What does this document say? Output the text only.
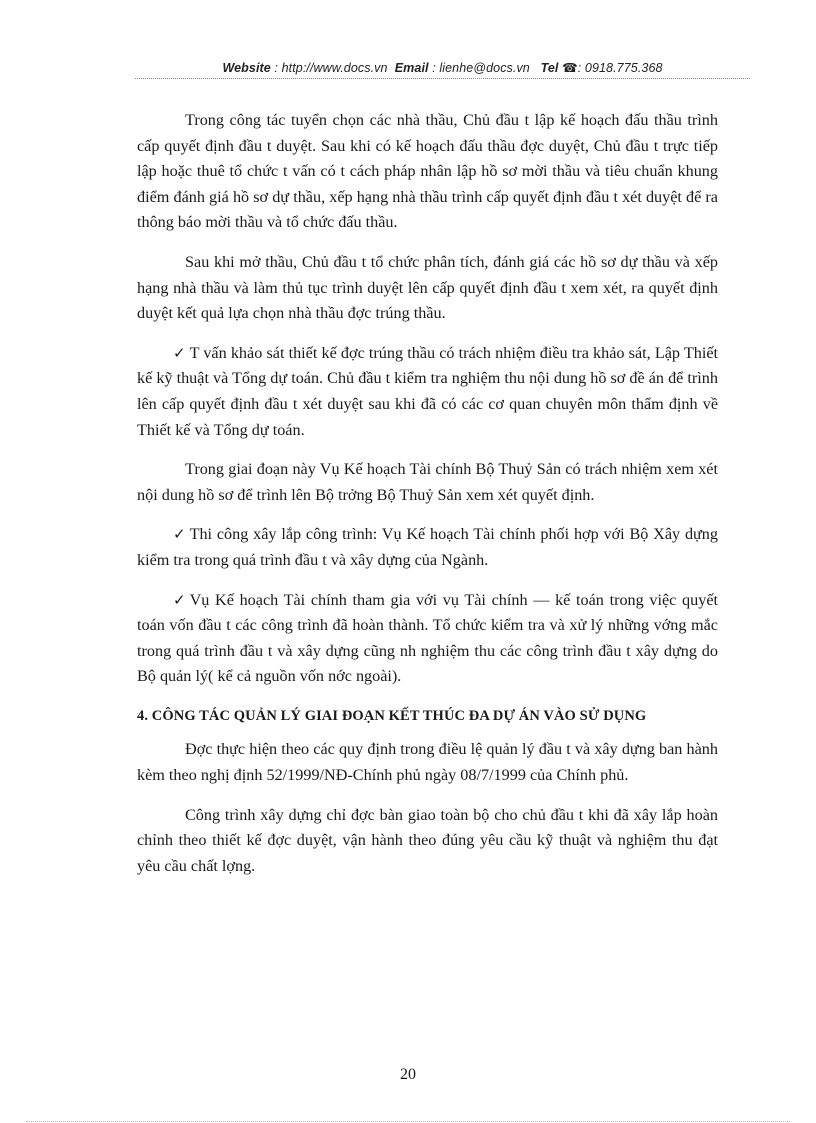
Website : http://www.docs.vn Email : lienhe@docs.vn Tel ☎: 0918.775.368

Trong công tác tuyển chọn các nhà thầu, Chủ đầu t lập kế hoạch đấu thầu trình cấp quyết định đầu t duyệt. Sau khi có kế hoạch đấu thầu đợc duyệt, Chủ đầu t trực tiếp lập hoặc thuê tổ chức t vấn có t cách pháp nhân lập hồ sơ mời thầu và tiêu chuẩn khung điểm đánh giá hồ sơ dự thầu, xếp hạng nhà thầu trình cấp quyết định đầu t xét duyệt để ra thông báo mời thầu và tổ chức đấu thầu.

Sau khi mở thầu, Chủ đầu t tổ chức phân tích, đánh giá các hồ sơ dự thầu và xếp hạng nhà thầu và làm thủ tục trình duyệt lên cấp quyết định đầu t xem xét, ra quyết định duyệt kết quả lựa chọn nhà thầu đợc trúng thầu.

✓ T vấn khảo sát thiết kế đợc trúng thầu có trách nhiệm điều tra khảo sát, Lập Thiết kế kỹ thuật và Tổng dự toán. Chủ đầu t kiểm tra nghiệm thu nội dung hồ sơ đề án để trình lên cấp quyết định đầu t xét duyệt sau khi đã có các cơ quan chuyên môn thẩm định về Thiết kế và Tổng dự toán.

Trong giai đoạn này Vụ Kế hoạch Tài chính Bộ Thuỷ Sản có trách nhiệm xem xét nội dung hồ sơ để trình lên Bộ trởng Bộ Thuỷ Sản xem xét quyết định.

✓ Thi công xây lắp công trình: Vụ Kế hoạch Tài chính phối hợp với Bộ Xây dựng kiểm tra trong quá trình đầu t và xây dựng của Ngành.

✓ Vụ Kế hoạch Tài chính tham gia với vụ Tài chính — kế toán trong việc quyết toán vốn đầu t các công trình đã hoàn thành. Tổ chức kiểm tra và xử lý những vớng mắc trong quá trình đầu t và xây dựng cũng nh nghiệm thu các công trình đầu t xây dựng do Bộ quản lý( kể cả nguồn vốn nớc ngoài).

4. CÔNG TÁC QUẢN LÝ GIAI ĐOẠN KẾT THÚC ĐA DỰ ÁN VÀO SỬ DỤNG

Đợc thực hiện theo các quy định trong điều lệ quản lý đầu t và xây dựng ban hành kèm theo nghị định 52/1999/NĐ-Chính phủ ngày 08/7/1999 của Chính phủ.

Công trình xây dựng chỉ đợc bàn giao toàn bộ cho chủ đầu t khi đã xây lắp hoàn chỉnh theo thiết kế đợc duyệt, vận hành theo đúng yêu cầu kỹ thuật và nghiệm thu đạt yêu cầu chất lợng.

20
